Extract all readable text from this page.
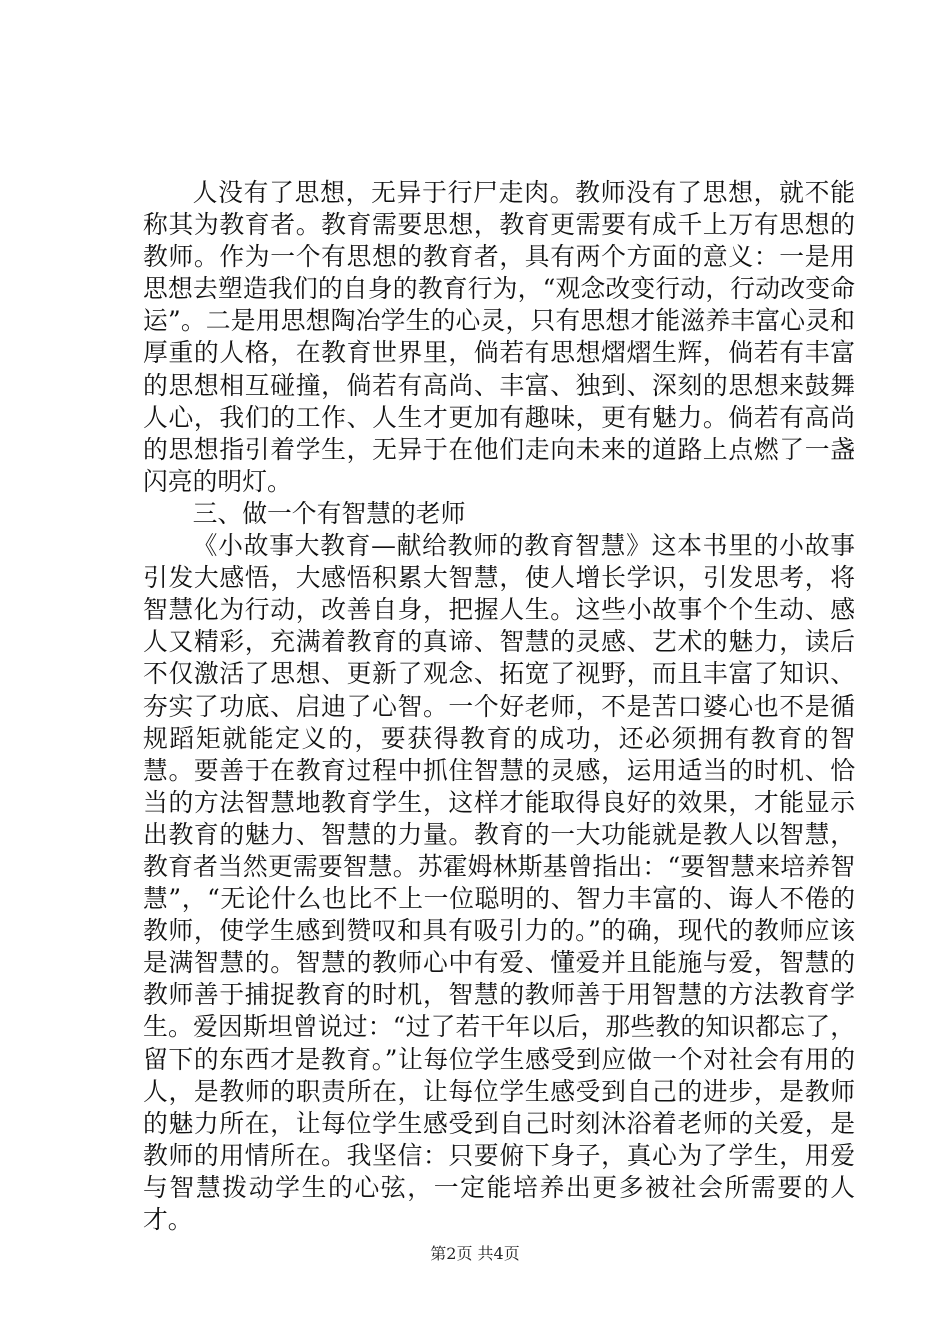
人没有了思想，无异于行尸走肉。教师没有了思想，就不能称其为教育者。教育需要思想，教育更需要有成千上万有思想的教师。作为一个有思想的教育者，具有两个方面的意义：一是用思想去塑造我们的自身的教育行为，“观念改变行动，行动改变命运”。二是用思想陶冶学生的心灵，只有思想才能滋养丰富心灵和厚重的人格，在教育世界里，倘若有思想熠熠生辉，倘若有丰富的思想相互碰撞，倘若有高尚、丰富、独到、深刻的思想来鼓舞人心，我们的工作、人生才更加有趣味，更有魅力。倘若有高尚的思想指引着学生，无异于在他们走向未来的道路上点燃了一盏闪亮的明灯。

三、做一个有智慧的老师

《小故事大教育—献给教师的教育智慧》这本书里的小故事引发大感悟，大感悟积累大智慧，使人增长学识，引发思考，将智慧化为行动，改善自身，把握人生。这些小故事个个生动、感人又精彩，充满着教育的真谛、智慧的灵感、艺术的魅力，读后不仅激活了思想、更新了观念、拓宽了视野，而且丰富了知识、夯实了功底、启迪了心智。一个好老师，不是苦口婆心也不是循规蹈矩就能定义的，要获得教育的成功，还必须拥有教育的智慧。要善于在教育过程中抓住智慧的灵感，运用适当的时机、恰当的方法智慧地教育学生，这样才能取得良好的效果，才能显示出教育的魅力、智慧的力量。教育的一大功能就是教人以智慧，教育者当然更需要智慧。苏霍姆林斯基曾指出：“要智慧来培养智慧”，“无论什么也比不上一位聪明的、智力丰富的、诲人不倦的教师，使学生感到赞叹和具有吸引力的。”的确，现代的教师应该是满智慧的。智慧的教师心中有爱、懂爱并且能施与爱，智慧的教师善于捕捉教育的时机，智慧的教师善于用智慧的方法教育学生。爱因斯坦曾说过：“过了若干年以后，那些教的知识都忘了，留下的东西才是教育。”让每位学生感受到应做一个对社会有用的人，是教师的职责所在，让每位学生感受到自己的进步，是教师的魅力所在，让每位学生感受到自己时刻沐浴着老师的关爱，是教师的用情所在。我坚信：只要俯下身子，真心为了学生，用爱与智慧拨动学生的心弦，一定能培养出更多被社会所需要的人才。

第2页 共4页
